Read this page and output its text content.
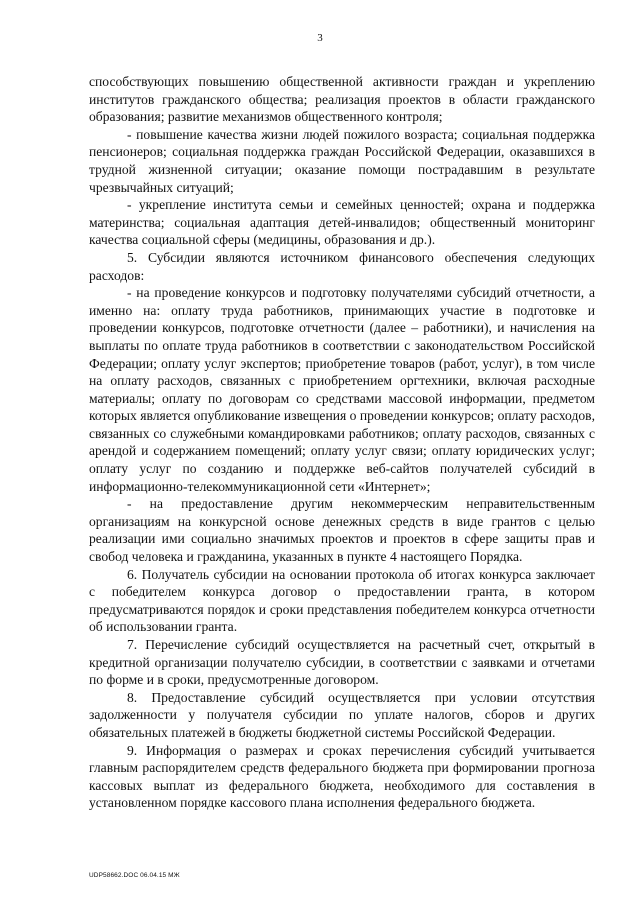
3

способствующих повышению общественной активности граждан и укреплению институтов гражданского общества; реализация проектов в области гражданского образования; развитие механизмов общественного контроля;

- повышение качества жизни людей пожилого возраста; социальная поддержка пенсионеров; социальная поддержка граждан Российской Федерации, оказавшихся в трудной жизненной ситуации; оказание помощи пострадавшим в результате чрезвычайных ситуаций;

- укрепление института семьи и семейных ценностей; охрана и поддержка материнства; социальная адаптация детей-инвалидов; общественный мониторинг качества социальной сферы (медицины, образования и др.).

5. Субсидии являются источником финансового обеспечения следующих расходов:

- на проведение конкурсов и подготовку получателями субсидий отчетности, а именно на: оплату труда работников, принимающих участие в подготовке и проведении конкурсов, подготовке отчетности (далее – работники), и начисления на выплаты по оплате труда работников в соответствии с законодательством Российской Федерации; оплату услуг экспертов; приобретение товаров (работ, услуг), в том числе на оплату расходов, связанных с приобретением оргтехники, включая расходные материалы; оплату по договорам со средствами массовой информации, предметом которых является опубликование извещения о проведении конкурсов; оплату расходов, связанных со служебными командировками работников; оплату расходов, связанных с арендой и содержанием помещений; оплату услуг связи; оплату юридических услуг; оплату услуг по созданию и поддержке веб-сайтов получателей субсидий в информационно-телекоммуникационной сети «Интернет»;

- на предоставление другим некоммерческим неправительственным организациям на конкурсной основе денежных средств в виде грантов с целью реализации ими социально значимых проектов и проектов в сфере защиты прав и свобод человека и гражданина, указанных в пункте 4 настоящего Порядка.

6. Получатель субсидии на основании протокола об итогах конкурса заключает с победителем конкурса договор о предоставлении гранта, в котором предусматриваются порядок и сроки представления победителем конкурса отчетности об использовании гранта.

7. Перечисление субсидий осуществляется на расчетный счет, открытый в кредитной организации получателю субсидии, в соответствии с заявками и отчетами по форме и в сроки, предусмотренные договором.

8. Предоставление субсидий осуществляется при условии отсутствия задолженности у получателя субсидии по уплате налогов, сборов и других обязательных платежей в бюджеты бюджетной системы Российской Федерации.

9. Информация о размерах и сроках перечисления субсидий учитывается главным распорядителем средств федерального бюджета при формировании прогноза кассовых выплат из федерального бюджета, необходимого для составления в установленном порядке кассового плана исполнения федерального бюджета.

UDP58662.DOC 06.04.15 МЖ
